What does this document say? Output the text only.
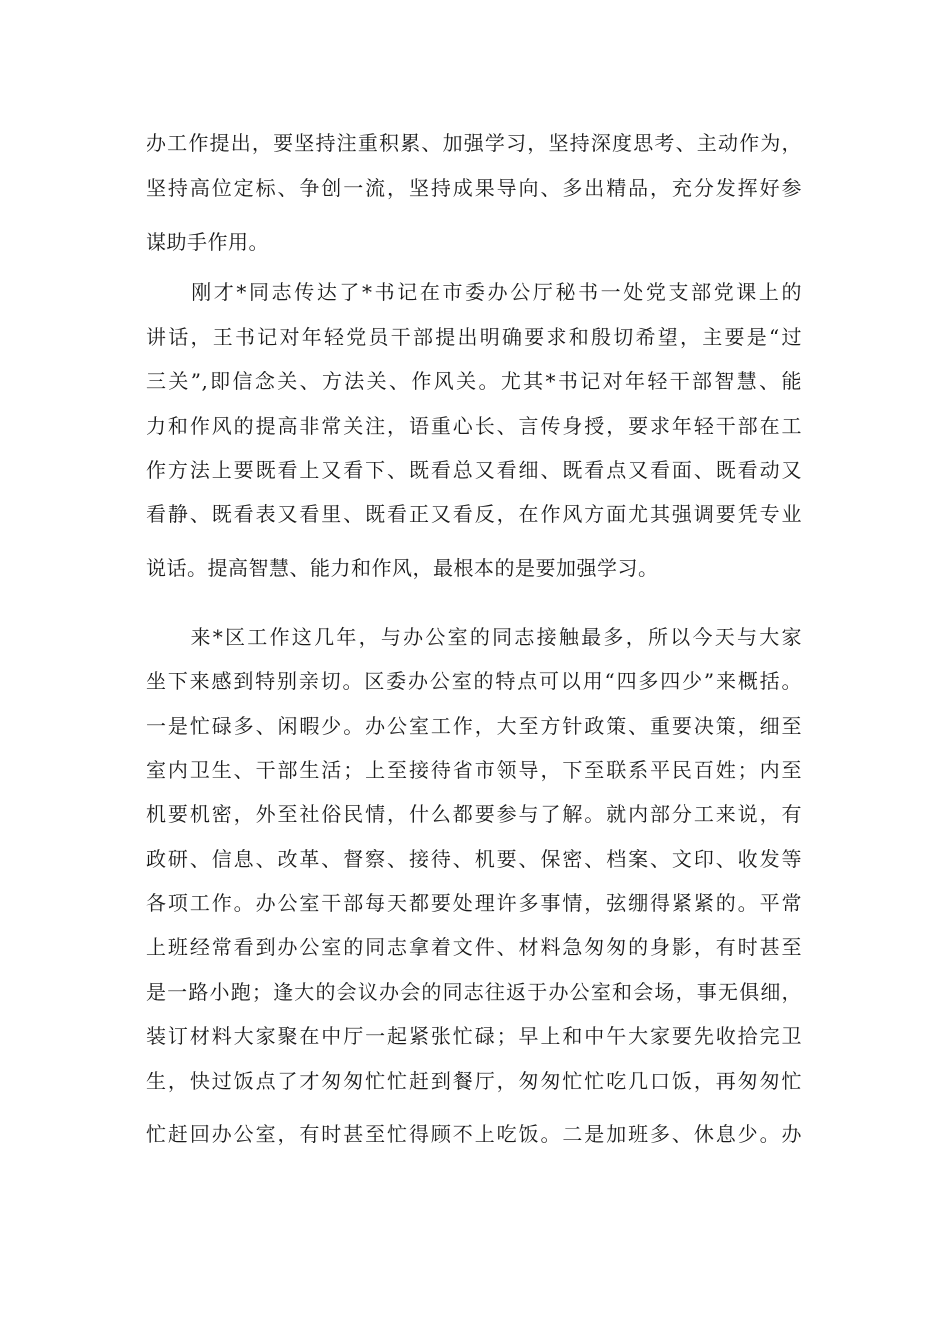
办工作提出，要坚持注重积累、加强学习，坚持深度思考、主动作为，
坚持高位定标、争创一流，坚持成果导向、多出精品，充分发挥好参
谋助手作用。
　　刚才*同志传达了*书记在市委办公厅秘书一处党支部党课上的
讲话，王书记对年轻党员干部提出明确要求和殷切希望，主要是“过
三关”,即信念关、方法关、作风关。尤其*书记对年轻干部智慧、能
力和作风的提高非常关注，语重心长、言传身授，要求年轻干部在工
作方法上要既看上又看下、既看总又看细、既看点又看面、既看动又
看静、既看表又看里、既看正又看反，在作风方面尤其强调要凭专业
说话。提高智慧、能力和作风，最根本的是要加强学习。
　　来*区工作这几年，与办公室的同志接触最多，所以今天与大家
坐下来感到特别亲切。区委办公室的特点可以用“四多四少”来概括。
一是忙碌多、闲暇少。办公室工作，大至方针政策、重要决策，细至
室内卫生、干部生活；上至接待省市领导，下至联系平民百姓；内至
机要机密，外至社俗民情，什么都要参与了解。就内部分工来说，有
政研、信息、改革、督察、接待、机要、保密、档案、文印、收发等
各项工作。办公室干部每天都要处理许多事情，弦绷得紧紧的。平常
上班经常看到办公室的同志拿着文件、材料急匆匆的身影，有时甚至
是一路小跑；逢大的会议办会的同志往返于办公室和会场，事无俱细，
装订材料大家聚在中厅一起紧张忙碌；早上和中午大家要先收拾完卫
生，快过饭点了才匆匆忙忙赶到餐厅，匆匆忙忙吃几口饭，再匆匆忙
忙赶回办公室，有时甚至忙得顾不上吃饭。二是加班多、休息少。办
